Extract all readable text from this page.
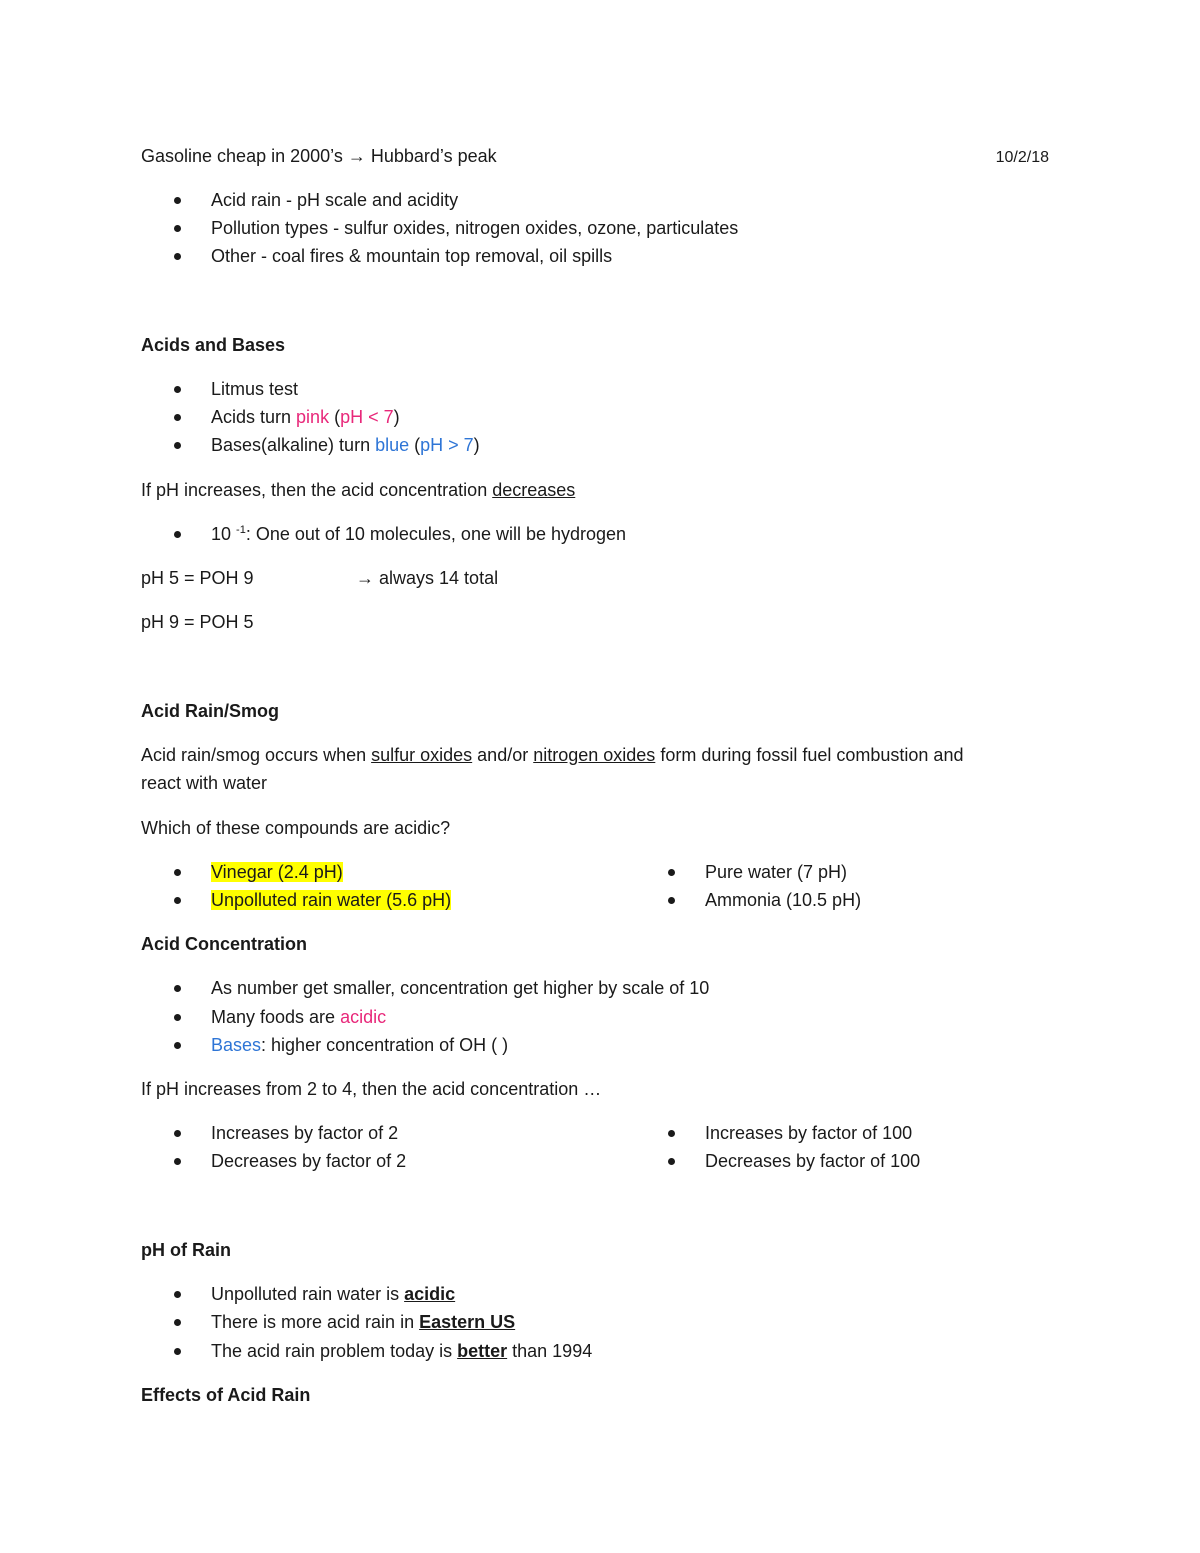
Gasoline cheap in 2000’s → Hubbard’s peak	10/2/18
Acid rain - pH scale and acidity
Pollution types - sulfur oxides, nitrogen oxides, ozone, particulates
Other - coal fires & mountain top removal, oil spills
Acids and Bases
Litmus test
Acids turn pink (pH < 7)
Bases(alkaline) turn blue (pH > 7)
If pH increases, then the acid concentration decreases
10 $^{-1}$: One out of 10 molecules, one will be hydrogen
pH 5 = POH 9	→ always 14 total
pH 9 = POH 5
Acid Rain/Smog
Acid rain/smog occurs when sulfur oxides and/or nitrogen oxides form during fossil fuel combustion and
react with water
Which of these compounds are acidic?
Vinegar (2.4 pH)
Unpolluted rain water (5.6 pH)
Pure water (7 pH)
Ammonia (10.5 pH)
Acid Concentration
As number get smaller, concentration get higher by scale of 10
Many foods are acidic
Bases: higher concentration of OH ( )
If pH increases from 2 to 4, then the acid concentration …
Increases by factor of 2
Decreases by factor of 2
Increases by factor of 100
Decreases by factor of 100
pH of Rain
Unpolluted rain water is acidic
There is more acid rain in Eastern US
The acid rain problem today is better than 1994
Effects of Acid Rain
